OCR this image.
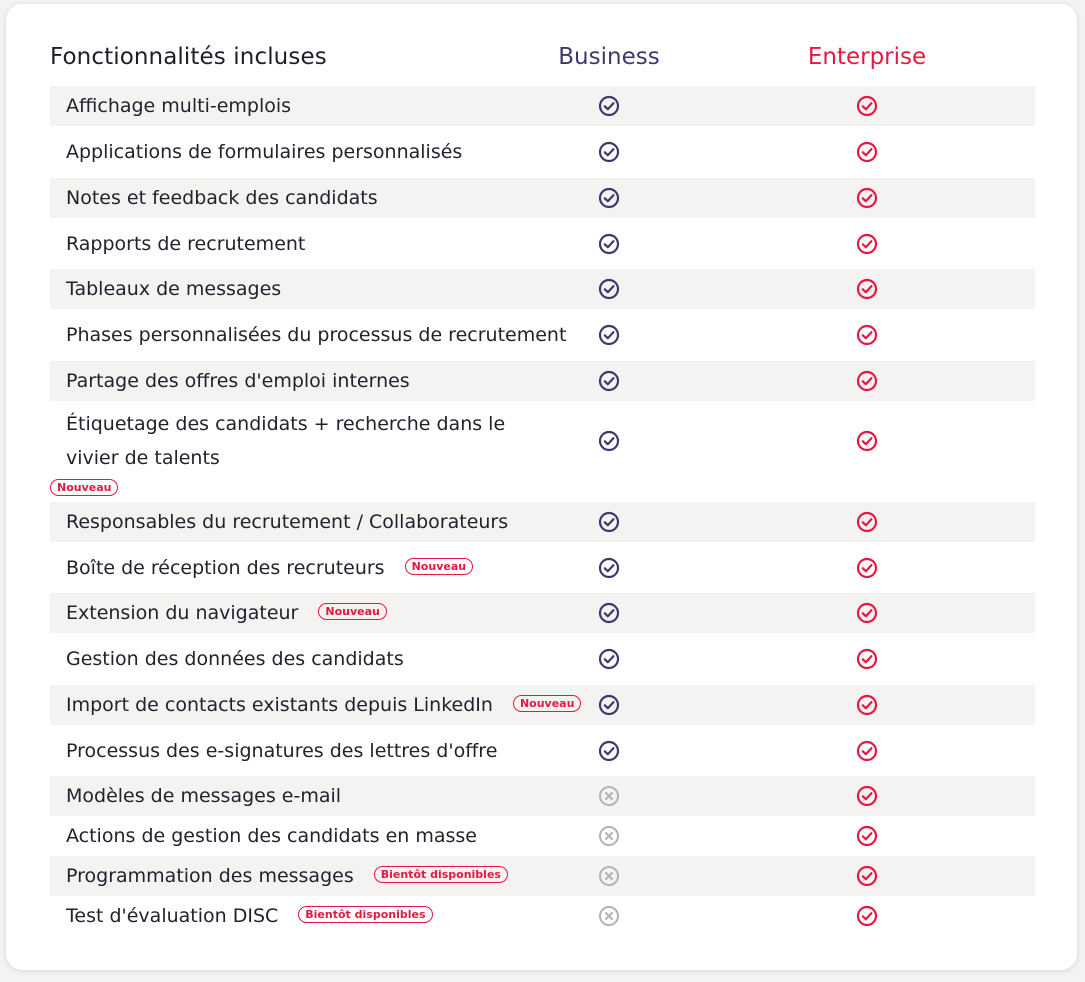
Fonctionnalités incluses	Business	Enterprise
Affichage multi-emplois
Applications de formulaires personnalisés
Notes et feedback des candidats
Rapports de recrutement
Tableaux de messages
Phases personnalisées du processus de recrutement
Partage des offres d'emploi internes
Étiquetage des candidats + recherche dans le vivier de talents
Nouveau
Responsables du recrutement / Collaborateurs
Boîte de réception des recruteurs Nouveau
Extension du navigateur Nouveau
Gestion des données des candidats
Import de contacts existants depuis LinkedIn Nouveau
Processus des e-signatures des lettres d'offre
Modèles de messages e-mail
Actions de gestion des candidats en masse
Programmation des messages Bientôt disponibles
Test d'évaluation DISC Bientôt disponibles
